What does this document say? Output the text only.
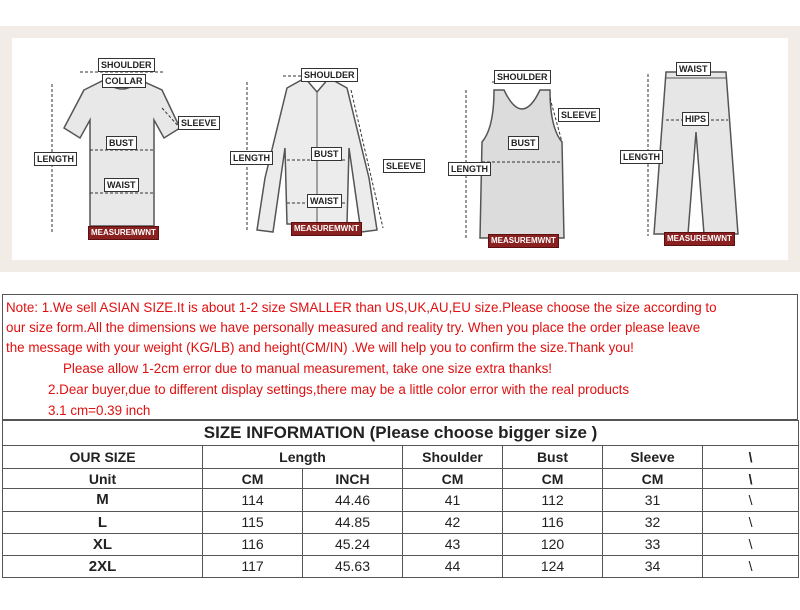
SHOULDER
COLLAR
SLEEVE
BUST
LENGTH
WAIST
MEASUREMWNT
SHOULDER
LENGTH	BUST
SLEEVE
WAIST
MEASUREMWNT
SHOULDER
SLEEVE
BUST
LENGTH
MEASUREMWNT
WAIST
HIPS
LENGTH
MEASUREMWNT

Note: 1.We sell ASIAN SIZE.It is about 1-2 size SMALLER than US,UK,AU,EU size.Please choose the size according to

our size form.All the dimensions we have personally measured and reality try. When you place the order please leave

the message with your weight (KG/LB) and height(CM/IN) .We will help you to confirm the size.Thank you!

Please allow 1-2cm error due to manual measurement, take one size extra thanks!

2.Dear buyer,due to different display settings,there may be a little color error with the real products

3.1 cm=0.39 inch

SIZE INFORMATION (Please choose bigger size )						
OUR SIZE	Length		Shoulder	Bust	Sleeve	\
Unit	CM	INCH	CM	CM	CM	\
M	114	44.46	41	112	31	\
L	115	44.85	42	116	32	\
XL	116	45.24	43	120	33	\
2XL	117	45.63	44	124	34	\
